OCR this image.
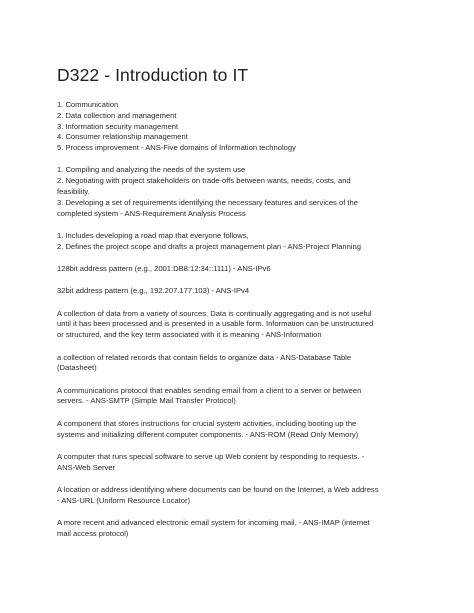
D322 - Introduction to IT
1. Communication
2. Data collection and management
3. Information security management
4. Consumer relationship management
5. Process improvement - ANS-Five domains of Information technology
1. Compiling and analyzing the needs of the system use
2. Negotiating with project stakeholders on trade-offs between wants, needs, costs, and
feasibility.
3. Developing a set of requirements identifying the necessary features and services of the
completed system - ANS-Requirement Analysis Process
1. Includes developing a road map that everyone follows,
2. Defines the project scope and drafts a project management plan - ANS-Project Planning
128bit address pattern (e.g., 2001:DB8:12:34::1111) - ANS-IPv6
32bit address pattern (e.g., 192.207.177.103) - ANS-IPv4
A collection of data from a variety of sources. Data is continually aggregating and is not useful
until it has been processed and is presented in a usable form. Information can be unstructured
or structured, and the key term associated with it is meaning - ANS-Information
a collection of related records that contain fields to organize data - ANS-Database Table
(Datasheet)
A communications protocol that enables sending email from a client to a server or between
servers. - ANS-SMTP (Simple Mail Transfer Protocol)
A component that stores instructions for crucial system activities, including booting up the
systems and initializing different computer components. - ANS-ROM (Read Only Memory)
A computer that runs special software to serve up Web content by responding to requests. -
ANS-Web Server
A location or address identifying where documents can be found on the Internet, a Web address
- ANS-URL (Uniform Resource Locator)
A more recent and advanced electronic email system for incoming mail. - ANS-IMAP (internet
mail access protocol)
